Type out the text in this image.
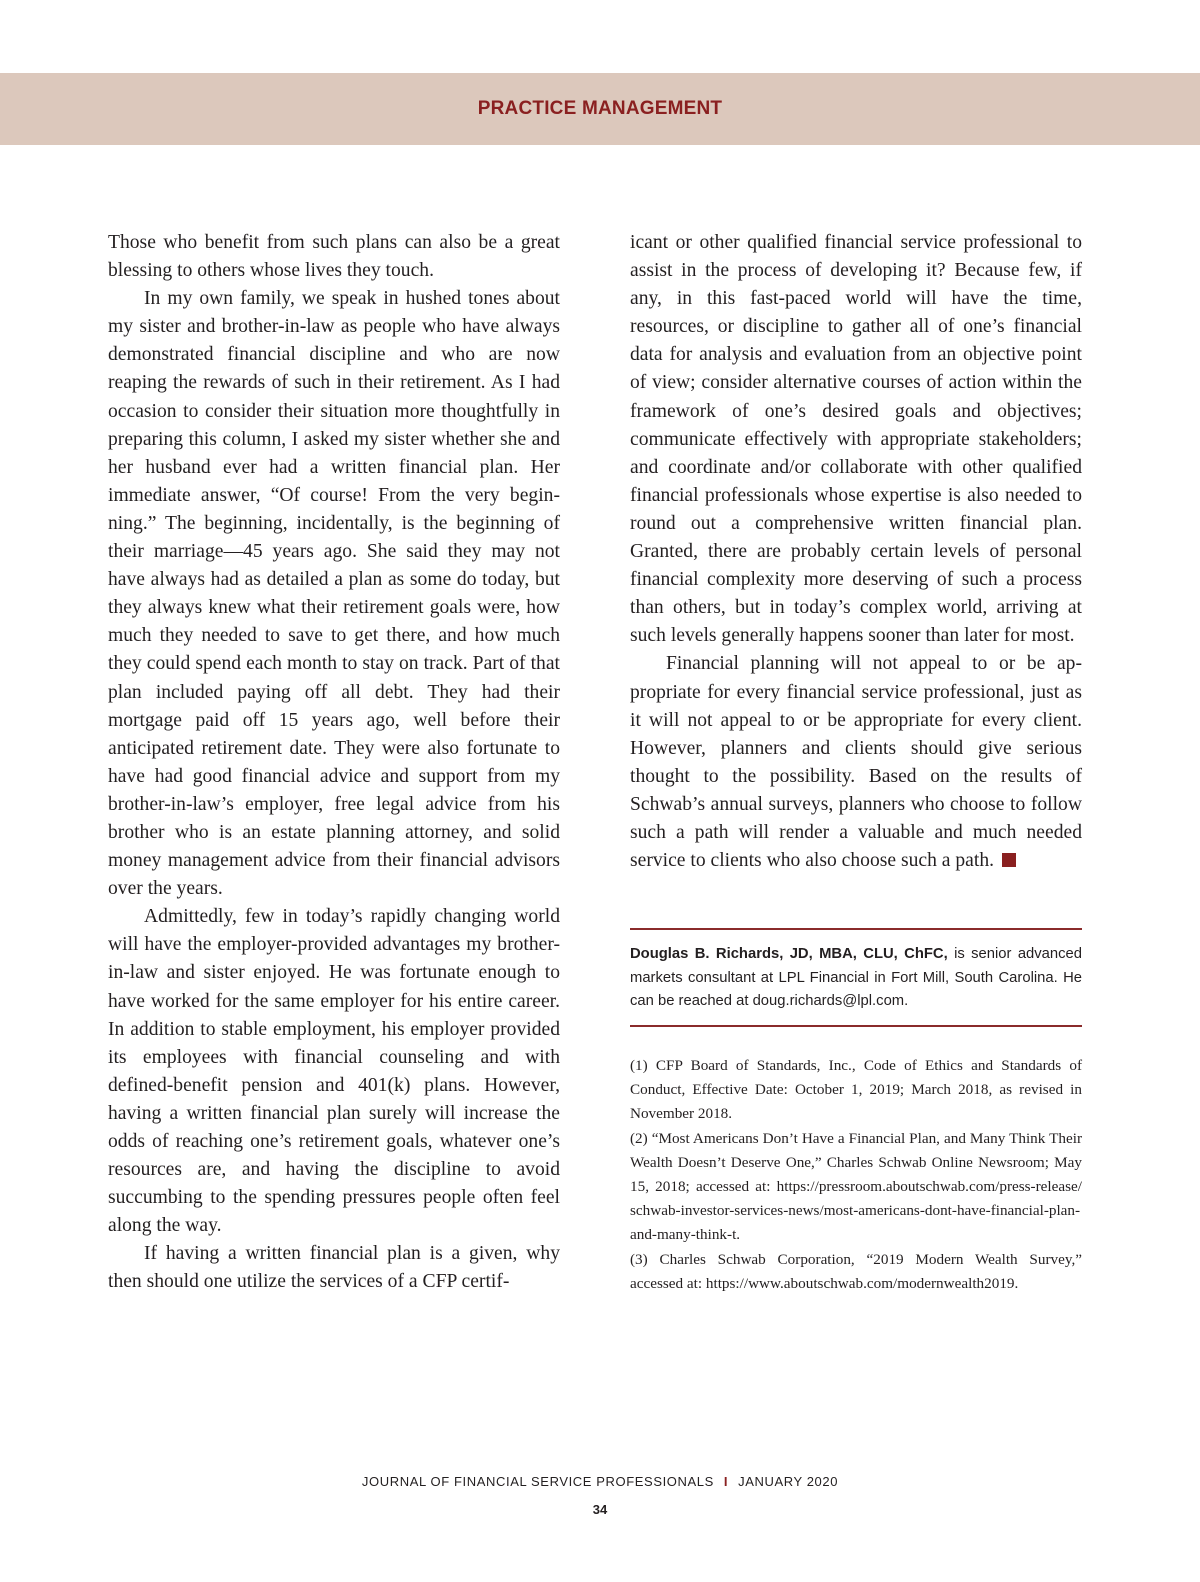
PRACTICE MANAGEMENT

Those who benefit from such plans can also be a great blessing to others whose lives they touch.

In my own family, we speak in hushed tones about my sister and brother-in-law as people who have always demonstrated financial discipline and who are now reaping the rewards of such in their retirement. As I had occasion to consider their situation more thoughtfully in preparing this column, I asked my sister whether she and her husband ever had a written financial plan. Her immediate answer, “Of course! From the very beginning.” The beginning, incidentally, is the beginning of their marriage—45 years ago. She said they may not have always had as detailed a plan as some do today, but they always knew what their retirement goals were, how much they needed to save to get there, and how much they could spend each month to stay on track. Part of that plan included paying off all debt. They had their mortgage paid off 15 years ago, well before their anticipated retirement date. They were also fortunate to have had good financial advice and support from my brother-in-law’s employer, free legal advice from his brother who is an estate planning attorney, and solid money management advice from their financial advisors over the years.

Admittedly, few in today’s rapidly changing world will have the employer-provided advantages my brother-in-law and sister enjoyed. He was fortunate enough to have worked for the same employer for his entire career. In addition to stable employment, his employer provided its employees with financial counseling and with defined-benefit pension and 401(k) plans. However, having a written financial plan surely will increase the odds of reaching one’s retirement goals, whatever one’s resources are, and having the discipline to avoid succumbing to the spending pressures people often feel along the way.

If having a written financial plan is a given, why then should one utilize the services of a CFP certif-

icant or other qualified financial service professional to assist in the process of developing it? Because few, if any, in this fast-paced world will have the time, resources, or discipline to gather all of one’s financial data for analysis and evaluation from an objective point of view; consider alternative courses of action within the framework of one’s desired goals and objectives; communicate effectively with appropriate stakeholders; and coordinate and/or collaborate with other qualified financial professionals whose expertise is also needed to round out a comprehensive written financial plan. Granted, there are probably certain levels of personal financial complexity more deserving of such a process than others, but in today’s complex world, arriving at such levels generally happens sooner than later for most.

Financial planning will not appeal to or be appropriate for every financial service professional, just as it will not appeal to or be appropriate for every client. However, planners and clients should give serious thought to the possibility. Based on the results of Schwab’s annual surveys, planners who choose to follow such a path will render a valuable and much needed service to clients who also choose such a path.

Douglas B. Richards, JD, MBA, CLU, ChFC, is senior advanced markets consultant at LPL Financial in Fort Mill, South Carolina. He can be reached at doug.richards@lpl.com.

(1) CFP Board of Standards, Inc., Code of Ethics and Standards of Conduct, Effective Date: October 1, 2019; March 2018, as revised in November 2018.

(2) “Most Americans Don’t Have a Financial Plan, and Many Think Their Wealth Doesn’t Deserve One,” Charles Schwab Online Newsroom; May 15, 2018; accessed at: https://pressroom.​aboutschwab.com/​press-release/​schwab-investor-services-news/​most-americans-dont-have-financial-plan-and-many-think-t.

(3) Charles Schwab Corporation, “2019 Modern Wealth Survey,” accessed at: https://www.aboutschwab.com/modernwealth2019.

JOURNAL OF FINANCIAL SERVICE PROFESSIONALS I JANUARY 2020
34
